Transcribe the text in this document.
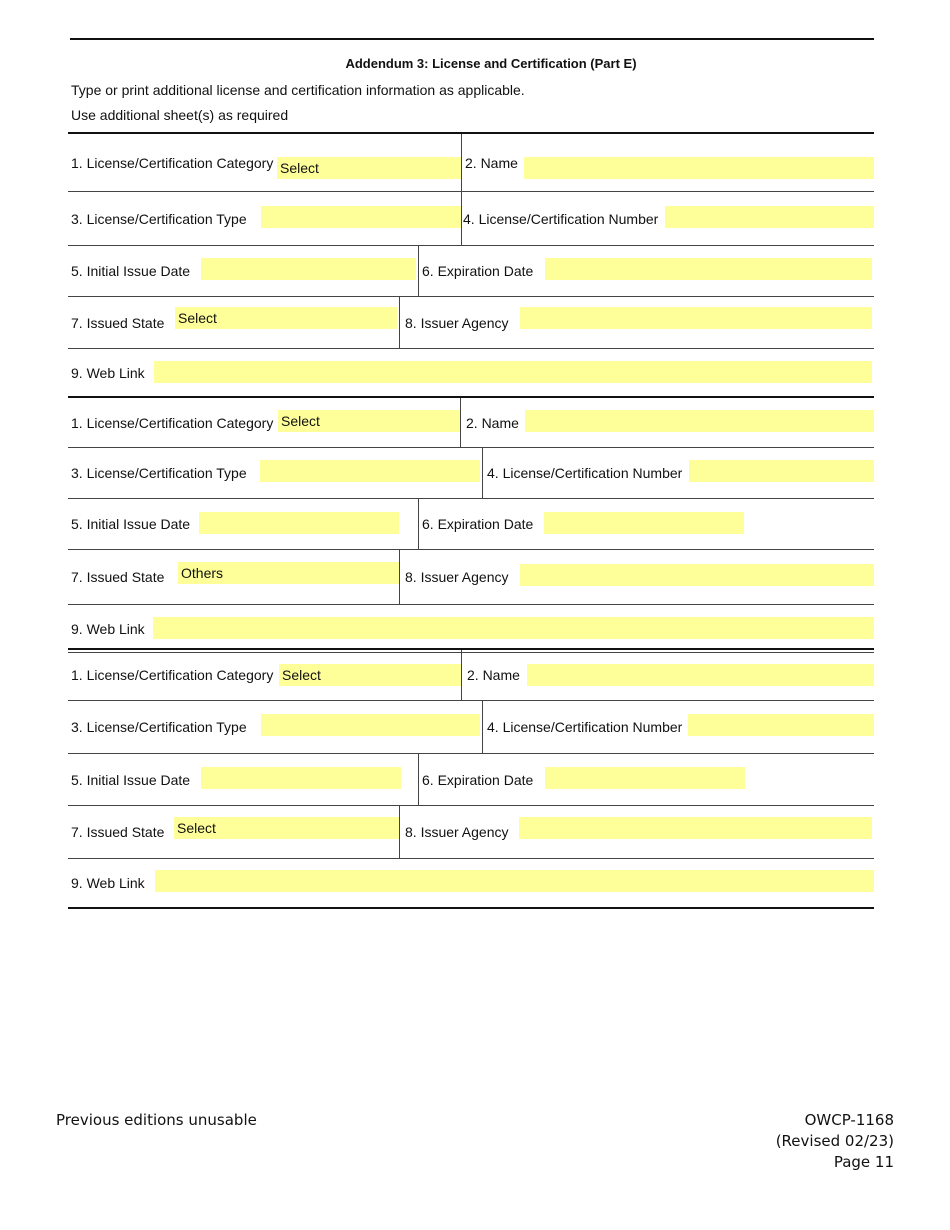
Addendum 3: License and Certification (Part E)
Type or print additional license and certification information as applicable.
Use additional sheet(s) as required
1. License/Certification Category Select	2. Name
3. License/Certification Type	4. License/Certification Number
5. Initial Issue Date	6. Expiration Date
7. Issued State Select	8. Issuer Agency
9. Web Link
1. License/Certification Category Select	2. Name
3. License/Certification Type	4. License/Certification Number
5. Initial Issue Date	6. Expiration Date
7. Issued State Others	8. Issuer Agency
9. Web Link
1. License/Certification Category Select	2. Name
3. License/Certification Type	4. License/Certification Number
5. Initial Issue Date	6. Expiration Date
7. Issued State Select	8. Issuer Agency
9. Web Link
Previous editions unusable	OWCP-1168
(Revised 02/23)
Page 11
